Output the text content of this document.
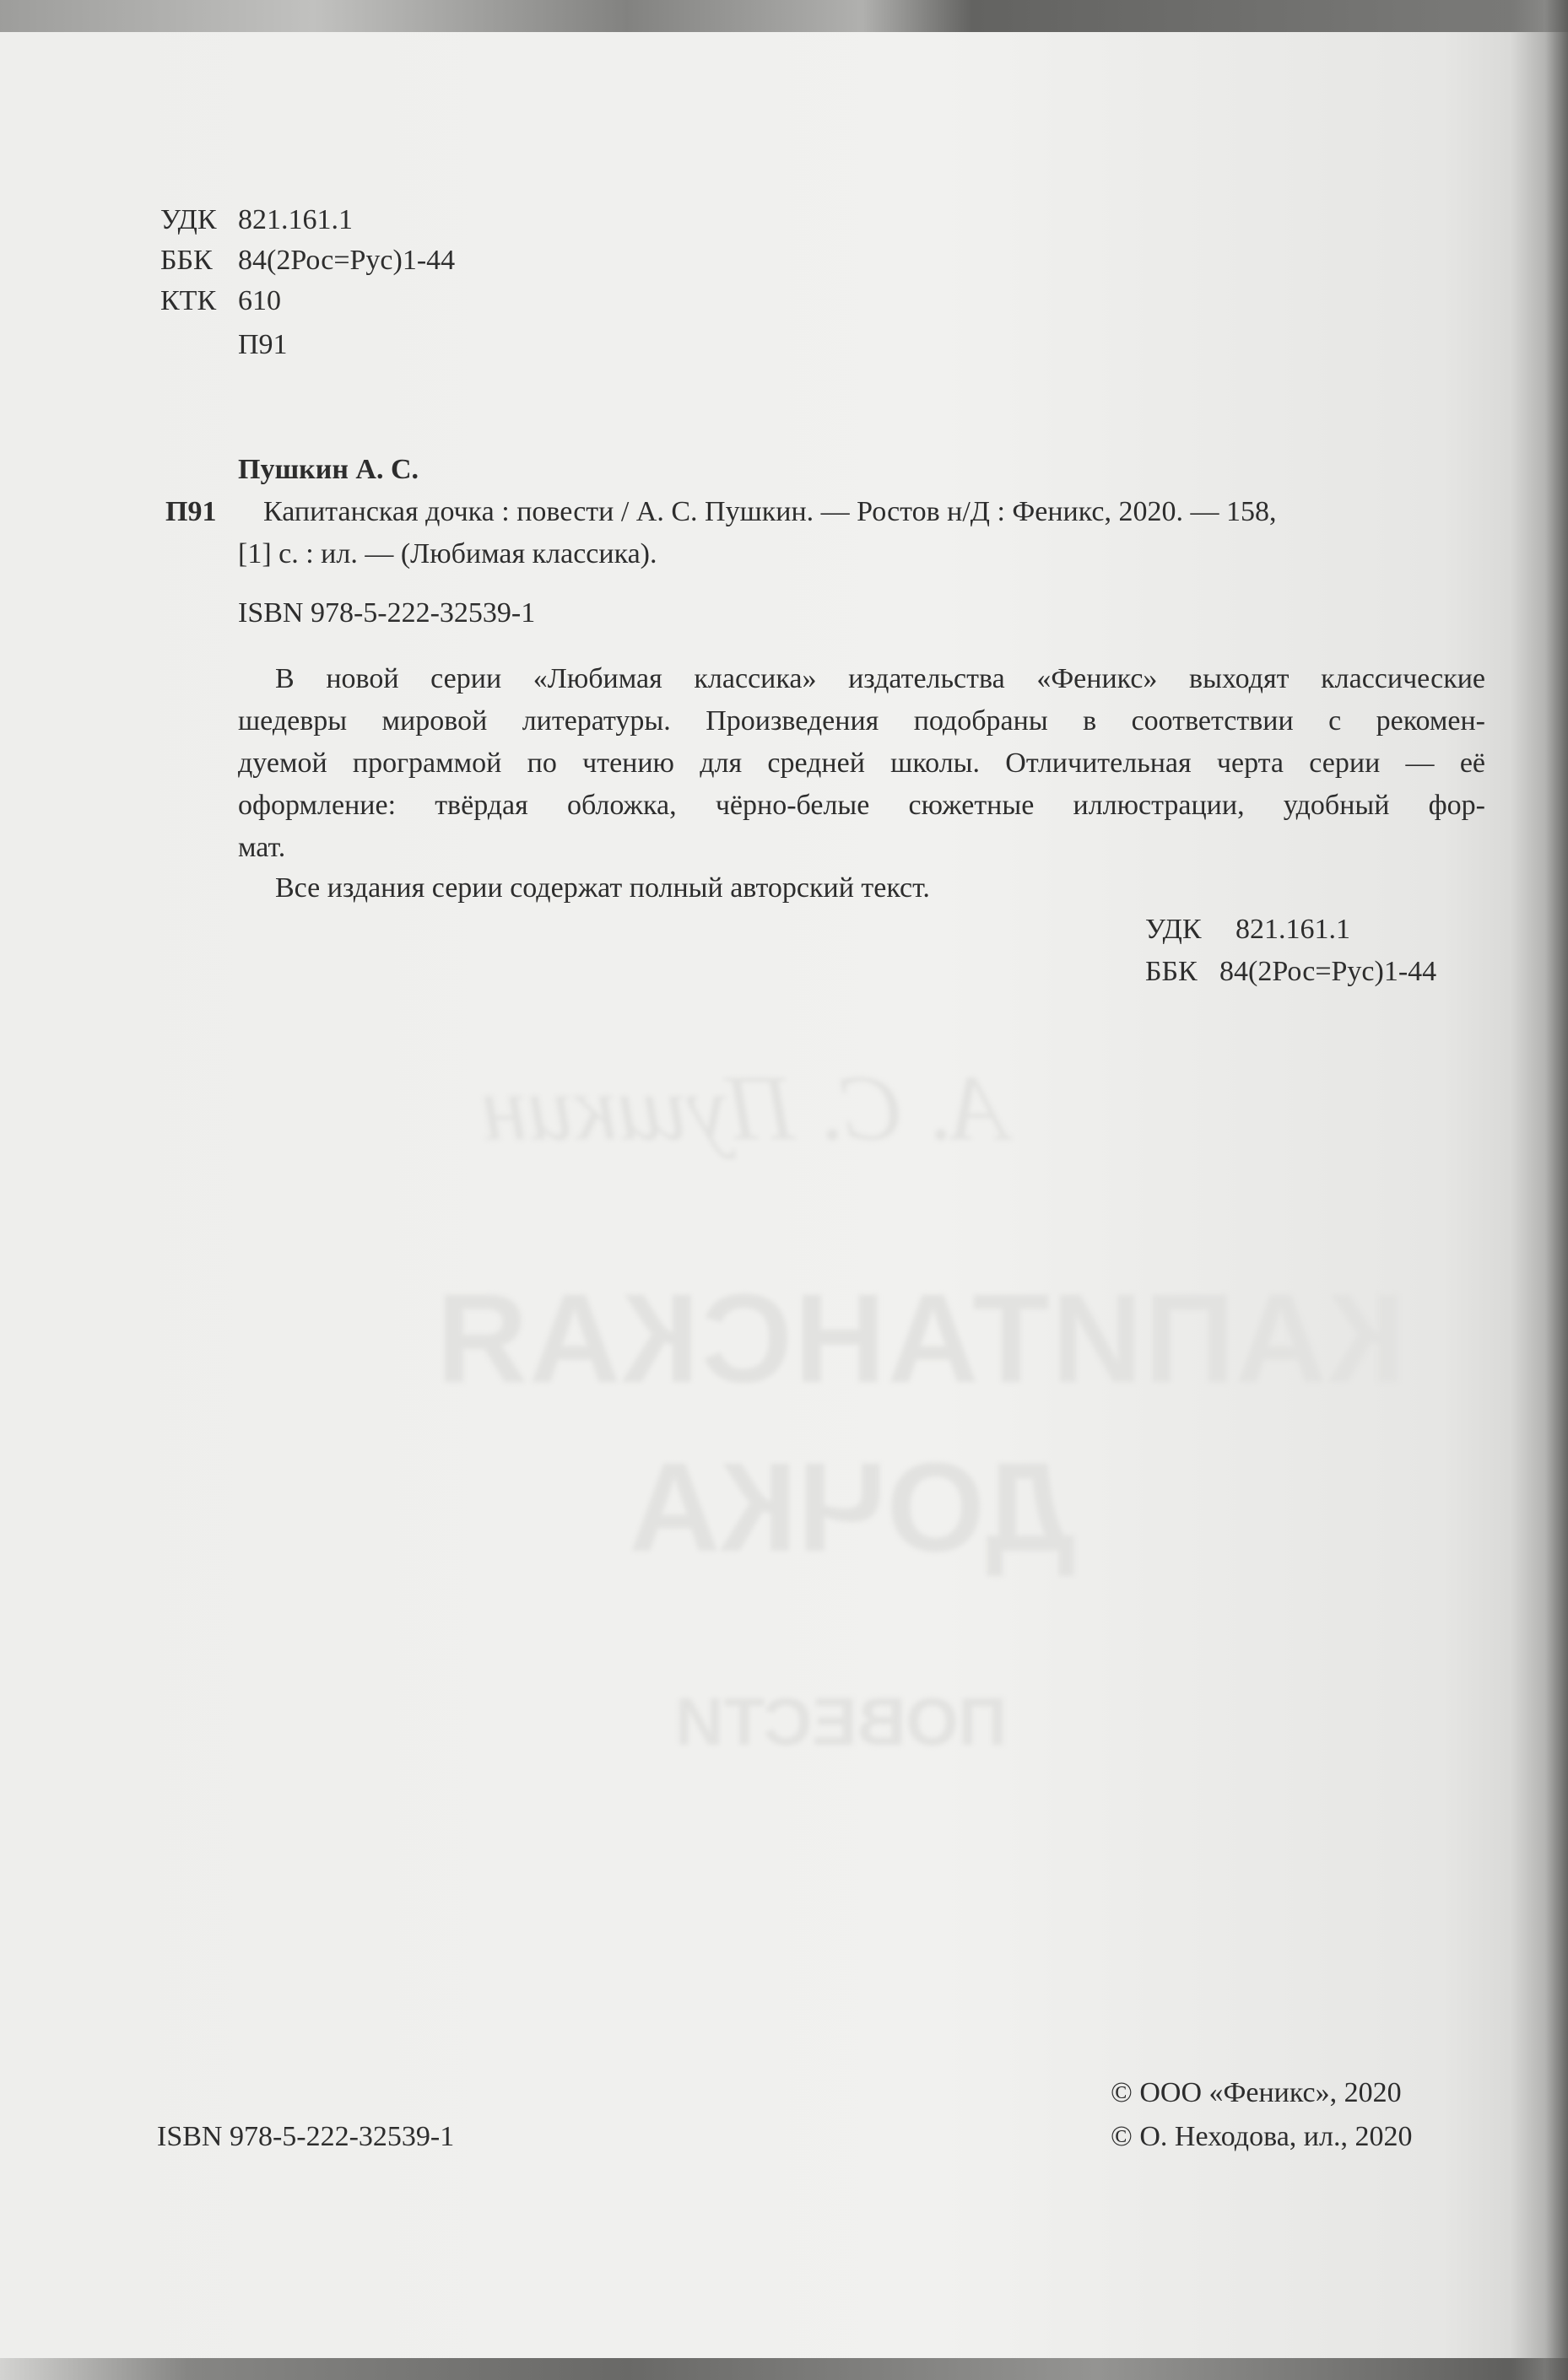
А. С. Пушкин
КАПИТАНСКАЯ
ДОЧКА
ПОВЕСТИ
УДК 821.161.1
ББК 84(2Рос=Рус)1-44
КТК 610
П91
Пушкин А. С.
П91 Капитанская дочка : повести / А. С. Пушкин. — Ростов н/Д : Феникс, 2020. — 158,
[1] с. : ил. — (Любимая классика).
ISBN 978-5-222-32539-1
В новой серии «Любимая классика» издательства «Феникс» выходят классические
шедевры мировой литературы. Произведения подобраны в соответствии с рекомен-
дуемой программой по чтению для средней школы. Отличительная черта серии — её
оформление: твёрдая обложка, чёрно-белые сюжетные иллюстрации, удобный фор-
мат.
Все издания серии содержат полный авторский текст.
УДК 821.161.1
ББК 84(2Рос=Рус)1-44
ISBN 978-5-222-32539-1
© ООО «Феникс», 2020
© О. Неходова, ил., 2020
